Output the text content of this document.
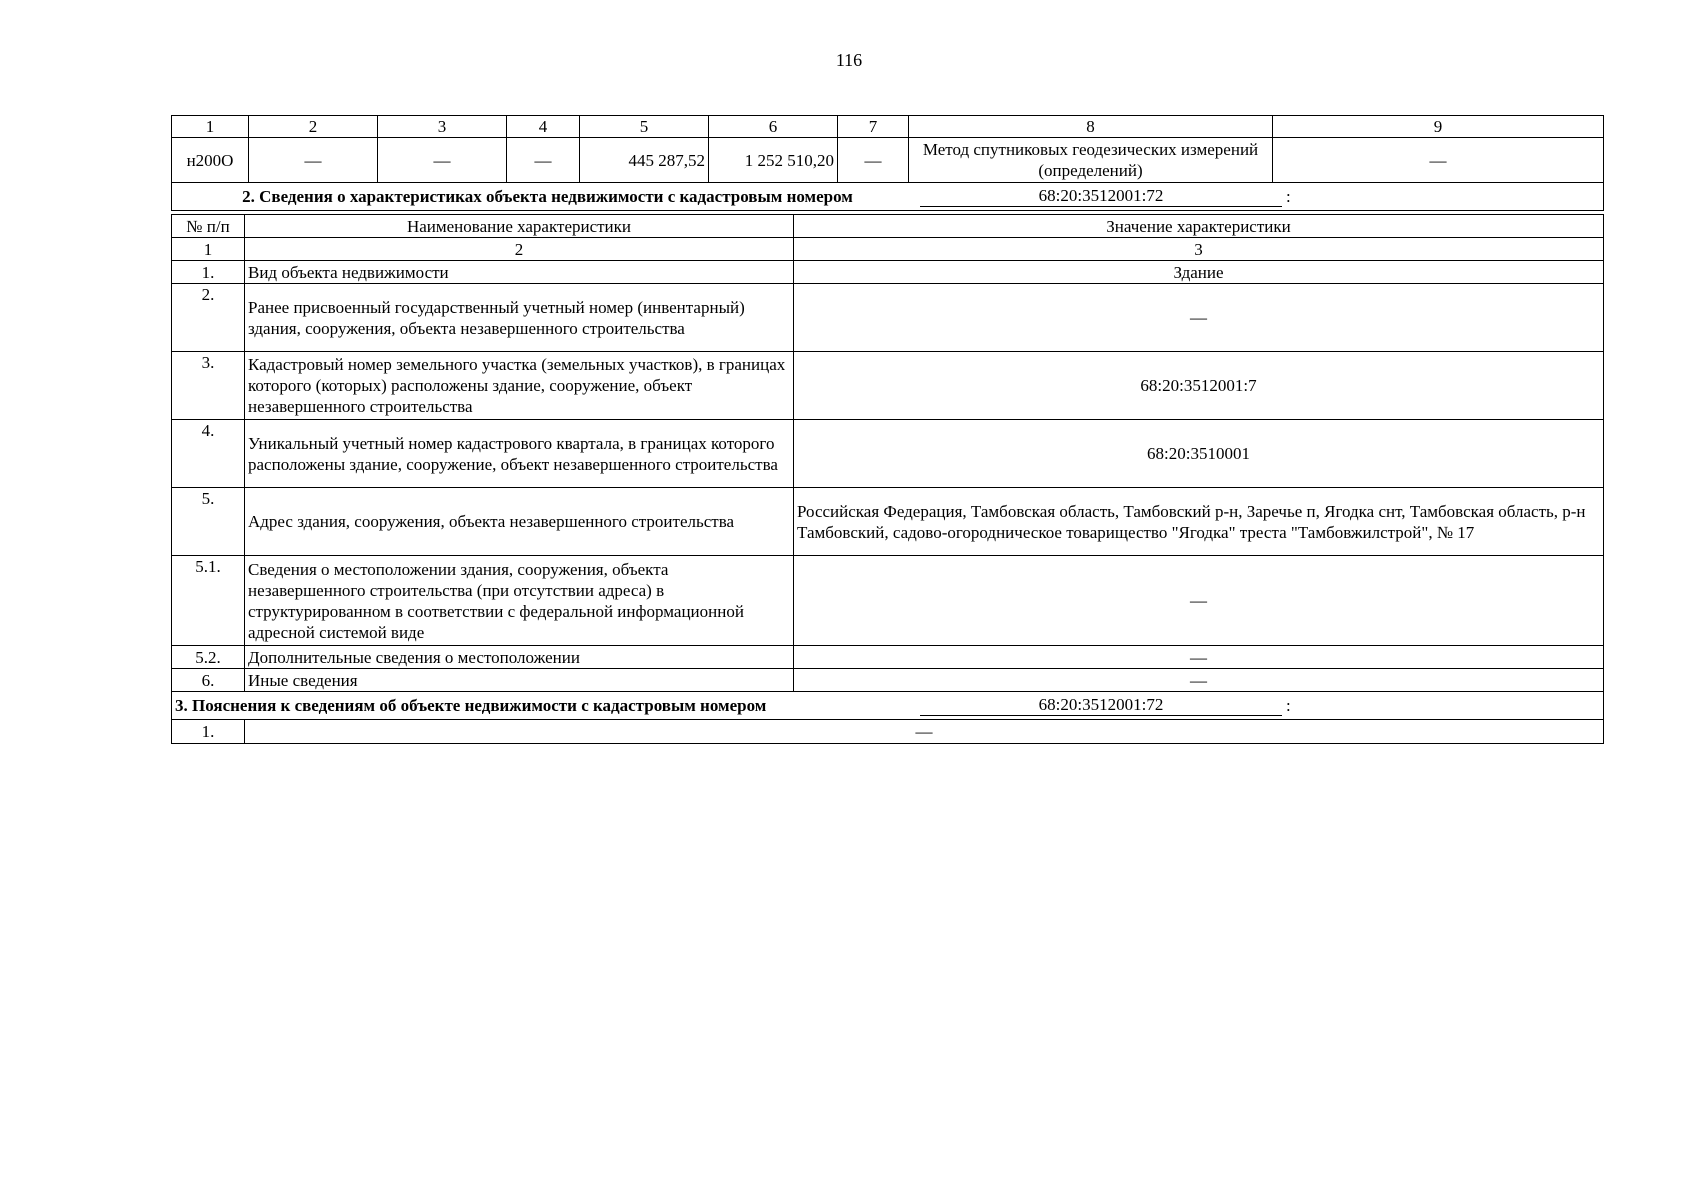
116
1	2	3	4	5	6	7	8	9
н200О	—	—	—	445 287,52	1 252 510,20	—	Метод спутниковых геодезических измерений (определений)	—

2. Сведения о характеристиках объекта недвижимости с кадастровым номером 68:20:3512001:72 :								
№ п/п	Наименование характеристики	Значение характеристики
1	2	3
1.	Вид объекта недвижимости	Здание
2.	Ранее присвоенный государственный учетный номер (инвентарный) здания, сооружения, объекта незавершенного строительства	—
3.	Кадастровый номер земельного участка (земельных участков), в границах которого (которых) расположены здание, сооружение, объект незавершенного строительства	68:20:3512001:7
4.	Уникальный учетный номер кадастрового квартала, в границах которого расположены здание, сооружение, объект незавершенного строительства	68:20:3510001
5.	Адрес здания, сооружения, объекта незавершенного строительства	Российская Федерация, Тамбовская область, Тамбовский р-н, Заречье п, Ягодка снт, Тамбовская область, р-н Тамбовский, садово-огородническое товарищество "Ягодка" треста "Тамбовжилстрой", № 17
5.1.	Сведения о местоположении здания, сооружения, объекта незавершенного строительства (при отсутствии адреса) в структурированном в соответствии с федеральной информационной адресной системой виде	—
5.2.	Дополнительные сведения о местоположении	—
6.	Иные сведения	—

3. Пояснения к сведениям об объекте недвижимости с кадастровым номером 68:20:3512001:72 :		

1.	—	
